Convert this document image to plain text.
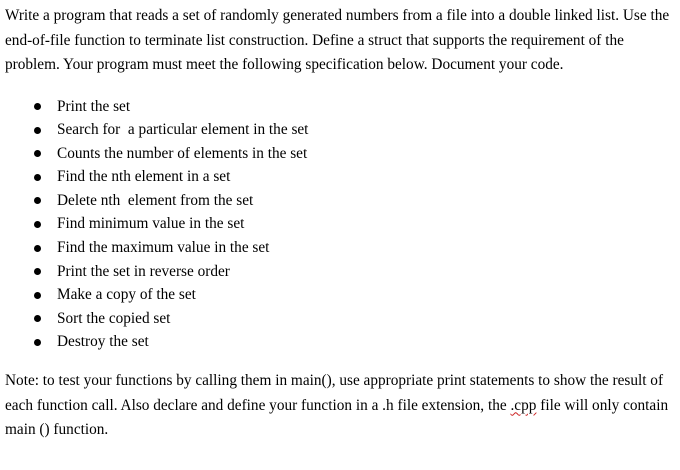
Write a program that reads a set of randomly generated numbers from a file into a double linked list. Use the end-of-file function to terminate list construction. Define a struct that supports the requirement of the problem. Your program must meet the following specification below. Document your code.

Print the set
Search for  a particular element in the set
Counts the number of elements in the set
Find the nth element in a set
Delete nth  element from the set
Find minimum value in the set
Find the maximum value in the set
Print the set in reverse order
Make a copy of the set
Sort the copied set
Destroy the set

Note: to test your functions by calling them in main(), use appropriate print statements to show the result of each function call. Also declare and define your function in a .h file extension, the .cpp file will only contain main () function.
